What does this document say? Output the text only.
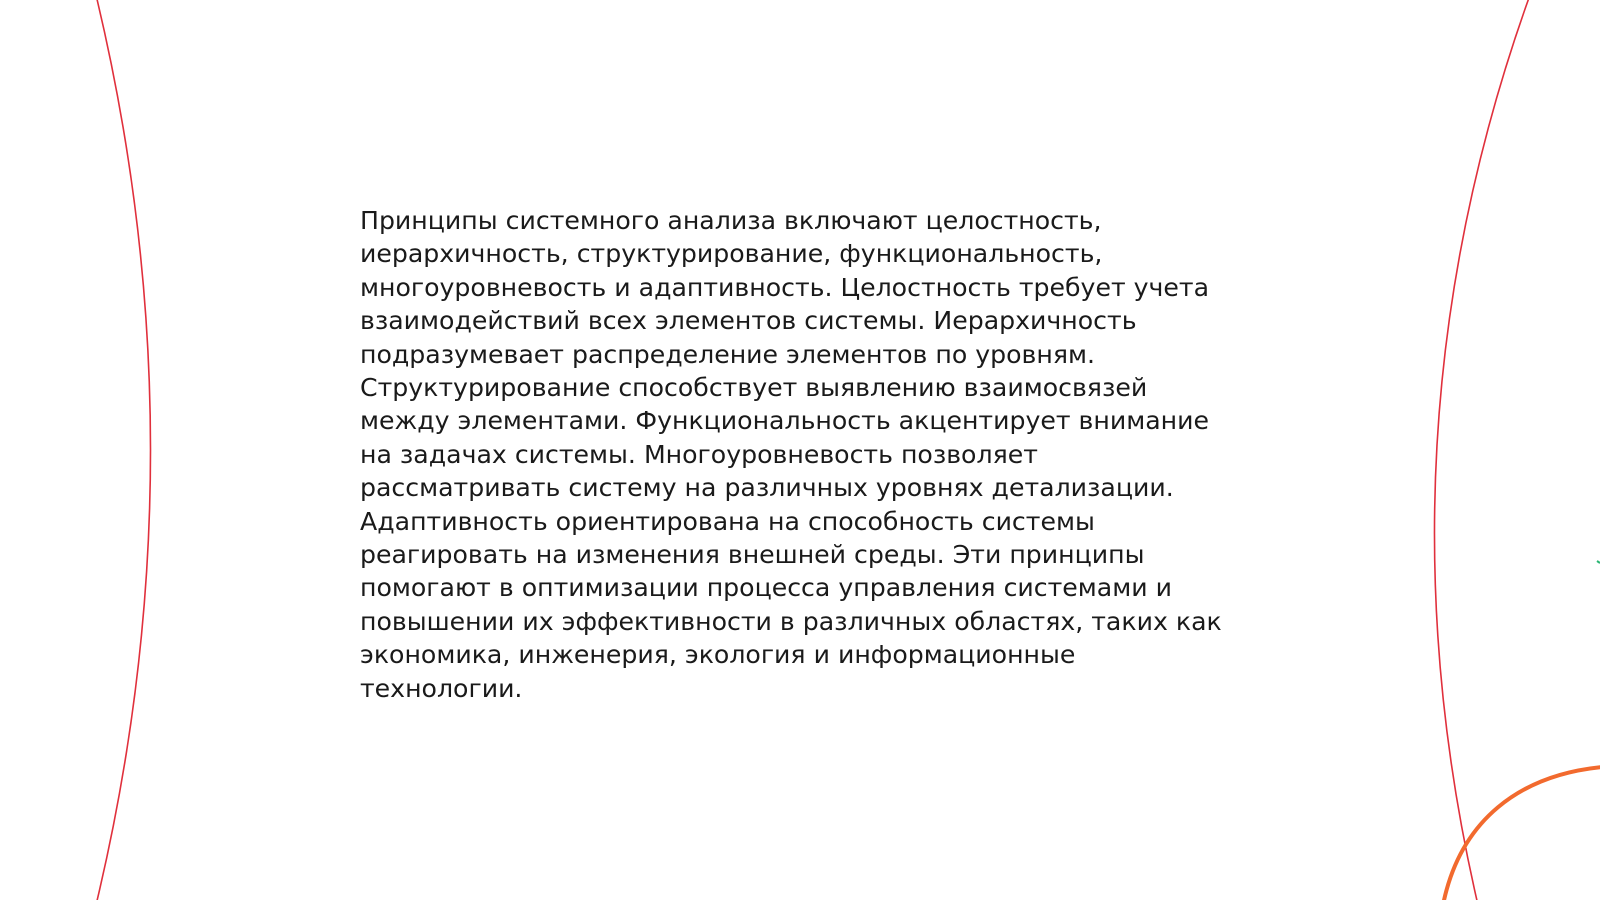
Принципы системного анализа включают целостность,
иерархичность, структурирование, функциональность,
многоуровневость и адаптивность. Целостность требует учета
взаимодействий всех элементов системы. Иерархичность
подразумевает распределение элементов по уровням.
Структурирование способствует выявлению взаимосвязей
между элементами. Функциональность акцентирует внимание
на задачах системы. Многоуровневость позволяет
рассматривать систему на различных уровнях детализации.
Адаптивность ориентирована на способность системы
реагировать на изменения внешней среды. Эти принципы
помогают в оптимизации процесса управления системами и
повышении их эффективности в различных областях, таких как
экономика, инженерия, экология и информационные
технологии.
